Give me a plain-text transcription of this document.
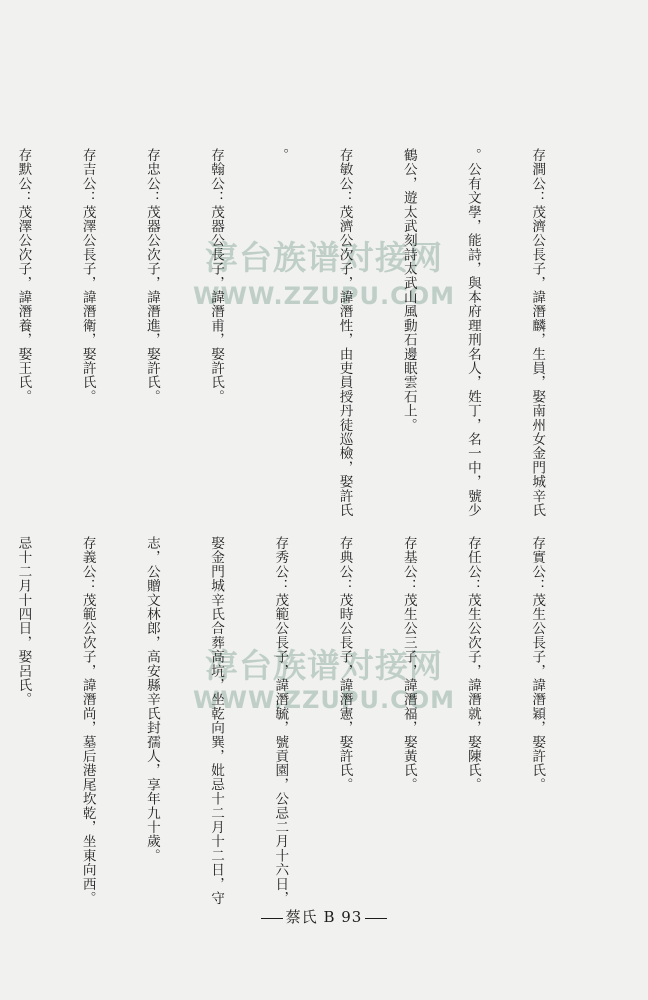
淳台族谱对接网
WWW.ZZUPU.COM
淳台族谱对接网
WWW.ZZUPU.COM

存澗公：茂濟公長子，諱潛麟，生員，娶南州女金門城辛氏

。公有文學，能詩，與本府理刑名人，姓丁，名一中，號少

鶴公，遊太武刻詩太武山風動石邊眠雲石上。

存敏公：茂濟公次子，諱潛性，由吏員授丹徒巡檢，娶許氏

。

存翰公：茂器公長子，諱潛甫，娶許氏。

存忠公：茂器公次子，諱潛進，娶許氏。

存吉公：茂澤公長子，諱潛衛，娶許氏。

存默公：茂澤公次子，諱潛養，娶王氏。

存實公：茂生公長子，諱潛穎，娶許氏。

存任公：茂生公次子，諱潛就，娶陳氏。

存基公：茂生公三子，諱潛福，娶黃氏。

存典公：茂時公長子，諱潛憲，娶許氏。

存秀公：茂範公長子，諱潛毓，號貢園，公忌二月十六日，

娶金門城辛氏合葬高坑，坐乾向巽，妣忌十二月十二日，守

志，公贈文林郎，高安縣辛氏封孺人，享年九十歲。

存義公：茂範公次子，諱潛尚，墓后港尾坎乾，坐東向西。

忌十二月十四日，娶呂氏。

蔡氏 B 93
